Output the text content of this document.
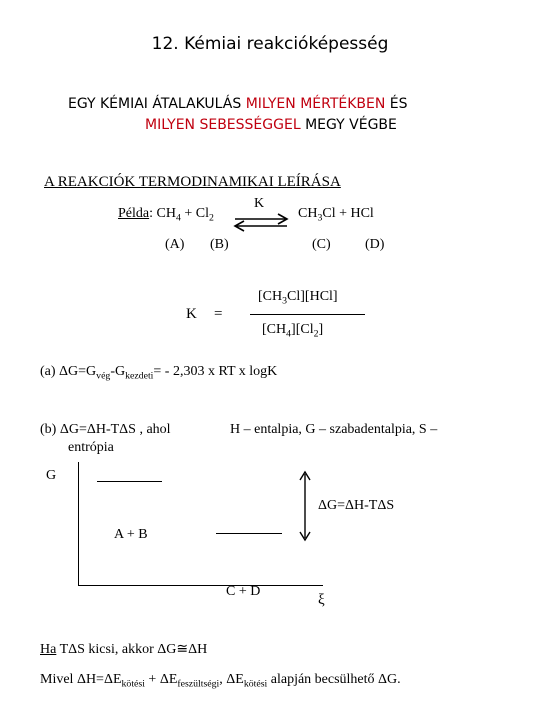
12. Kémiai reakcióképesség
EGY KÉMIAI ÁTALAKULÁS MILYEN MÉRTÉKBEN ÉS
MILYEN SEBESSÉGGEL MEGY VÉGBE
A REAKCIÓK TERMODINAMIKAI LEÍRÁSA
Példa: $CH_4 + Cl_2$
K
⇌ $CH_3Cl$ + HCl
(A) (B)	(C) (D)
K =
$[CH_3Cl][HCl]$
$[CH_4][Cl_2]$
(a) $\Delta G=G_{vég}-G_{kezdeti}= - 2,303$ x RT x logK
(b) ΔG=ΔH-TΔS , ahol	H – entalpia, G – szabadentalpia, S –
entrópia
G
ΔG=ΔH-TΔS
A + B
C + D
ξ
Ha TΔS kicsi, akkor ΔG≅ΔH
Mivel $\Delta H=\Delta E_{kötési} + \Delta E_{feszültségi}$, $\Delta E_{kötési}$ alapján becsülhető ΔG.
